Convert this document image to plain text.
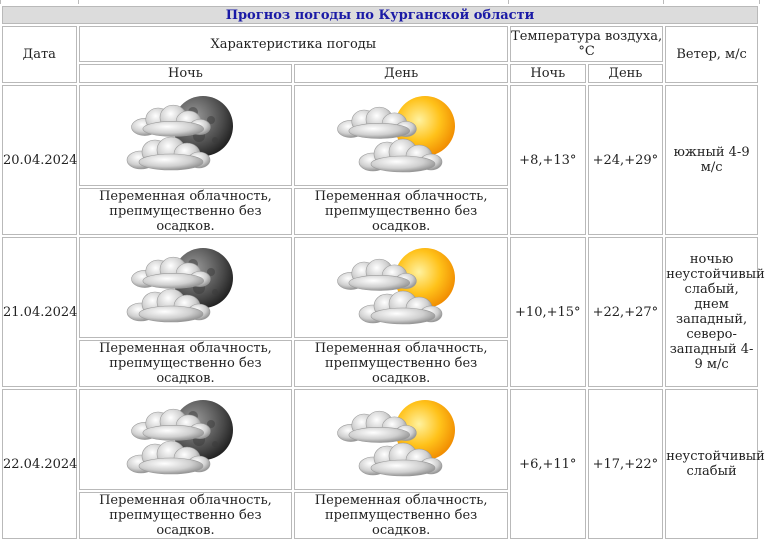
Прогноз погоды по Курганской области					
Дата	Характеристика погоды		Температура воздуха, °C		Ветер, м/с
	Ночь	День	Ночь	День	
20.04.2024			+8,+13°	+24,+29°	южный 4-9 м/с
	Переменная облачность, препмущественно без осадков.	Переменная облачность, препмущественно без осадков.			
21.04.2024			+10,+15°	+22,+27°	ночью неустойчивый слабый, днем западный, северо-западный 4-9 м/с
	Переменная облачность, препмущественно без осадков.	Переменная облачность, препмущественно без осадков.			
22.04.2024			+6,+11°	+17,+22°	неустойчивый слабый
	Переменная облачность, препмущественно без осадков.	Переменная облачность, препмущественно без осадков.			
